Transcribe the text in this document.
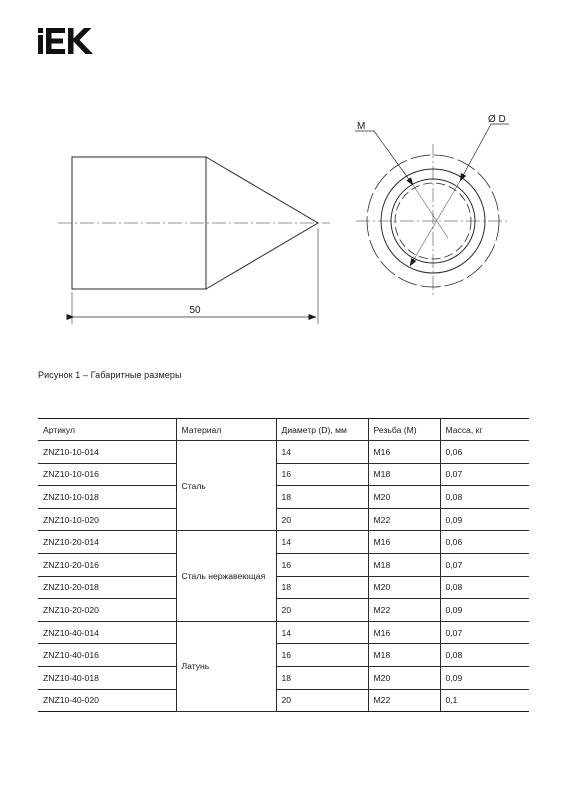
50
M
Ø D
Рисунок 1 – Габаритные размеры
Артикул	Материал	Диаметр (D), мм	Резьба (M)	Масса, кг
ZNZ10-10-014	Сталь	14	M16	0,06
ZNZ10-10-016		16	M18	0,07
ZNZ10-10-018		18	M20	0,08
ZNZ10-10-020		20	M22	0,09
ZNZ10-20-014	Сталь нержавеющая	14	M16	0,06
ZNZ10-20-016		16	M18	0,07
ZNZ10-20-018		18	M20	0,08
ZNZ10-20-020		20	M22	0,09
ZNZ10-40-014	Латунь	14	M16	0,07
ZNZ10-40-016		16	M18	0,08
ZNZ10-40-018		18	M20	0,09
ZNZ10-40-020		20	M22	0,1
